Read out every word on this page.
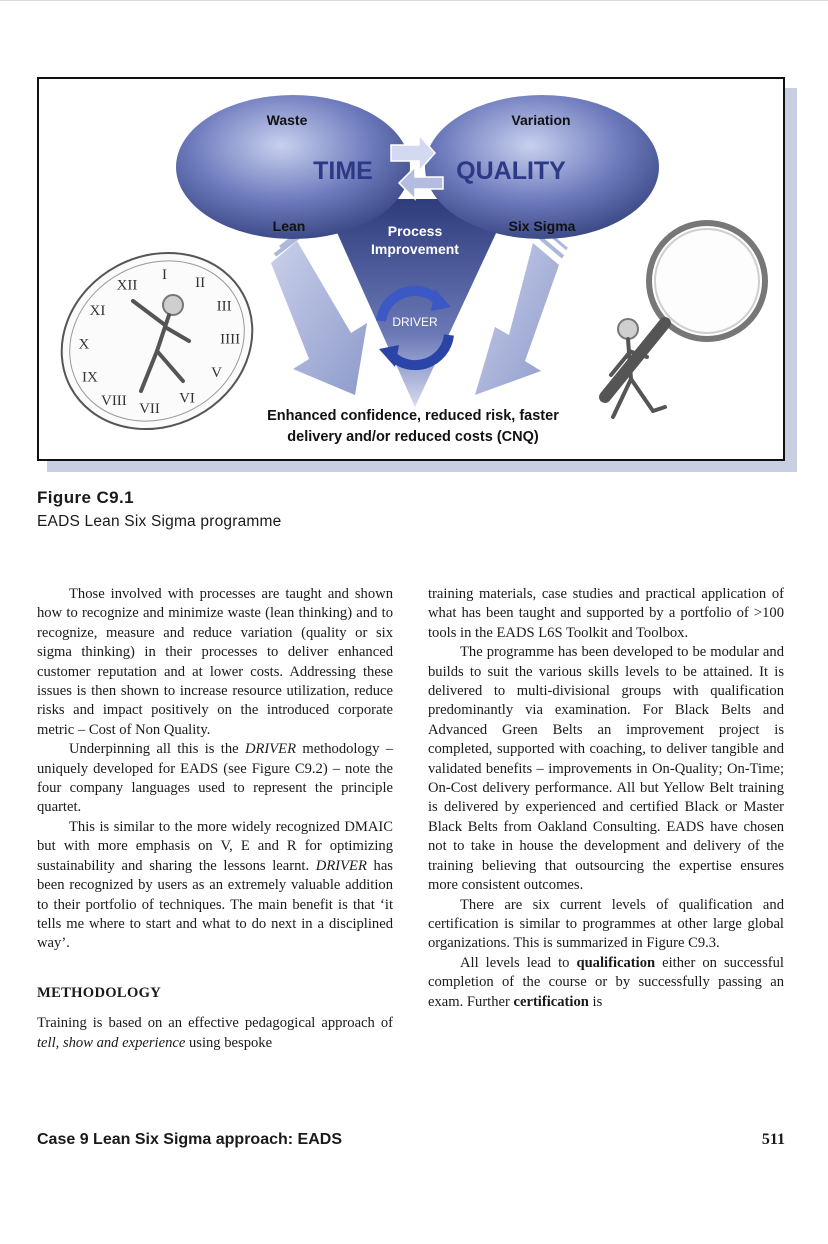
Waste	Variation
TIME	QUALITY
Lean	Six Sigma
Process
Improvement
DRIVER
Enhanced confidence, reduced risk, faster
delivery and/or reduced costs (CNQ)
XII
I II
III
IIII
V
VI
VII
VIII
IX
X
XI
Figure C9.1
EADS Lean Six Sigma programme

Those involved with processes are taught and shown how to recognize and minimize waste (lean thinking) and to recognize, measure and reduce variation (quality or six sigma thinking) in their processes to deliver enhanced customer reputation and at lower costs. Addressing these issues is then shown to increase resource utilization, reduce risks and impact positively on the introduced corporate metric – Cost of Non Quality.

Underpinning all this is the DRIVER methodology – uniquely developed for EADS (see Figure C9.2) – note the four company languages used to represent the principle quartet.

This is similar to the more widely recognized DMAIC but with more emphasis on V, E and R for optimizing sustainability and sharing the lessons learnt. DRIVER has been recognized by users as an extremely valuable addition to their portfolio of techniques. The main benefit is that ‘it tells me where to start and what to do next in a disciplined way’.

METHODOLOGY

Training is based on an effective pedagogical approach of tell, show and experience using bespoke

training materials, case studies and practical application of what has been taught and supported by a portfolio of >100 tools in the EADS L6S Toolkit and Toolbox.

The programme has been developed to be modular and builds to suit the various skills levels to be attained. It is delivered to multi-divisional groups with qualification predominantly via examination. For Black Belts and Advanced Green Belts an improvement project is completed, supported with coaching, to deliver tangible and validated benefits – improvements in On-Quality; On-Time; On-Cost delivery performance. All but Yellow Belt training is delivered by experienced and certified Black or Master Black Belts from Oakland Consulting. EADS have chosen not to take in house the development and delivery of the training believing that outsourcing the expertise ensures more consistent outcomes.

There are six current levels of qualification and certification is similar to programmes at other large global organizations. This is summarized in Figure C9.3.

All levels lead to qualification either on successful completion of the course or by successfully passing an exam. Further certification is

Case 9 Lean Six Sigma approach: EADS	511
